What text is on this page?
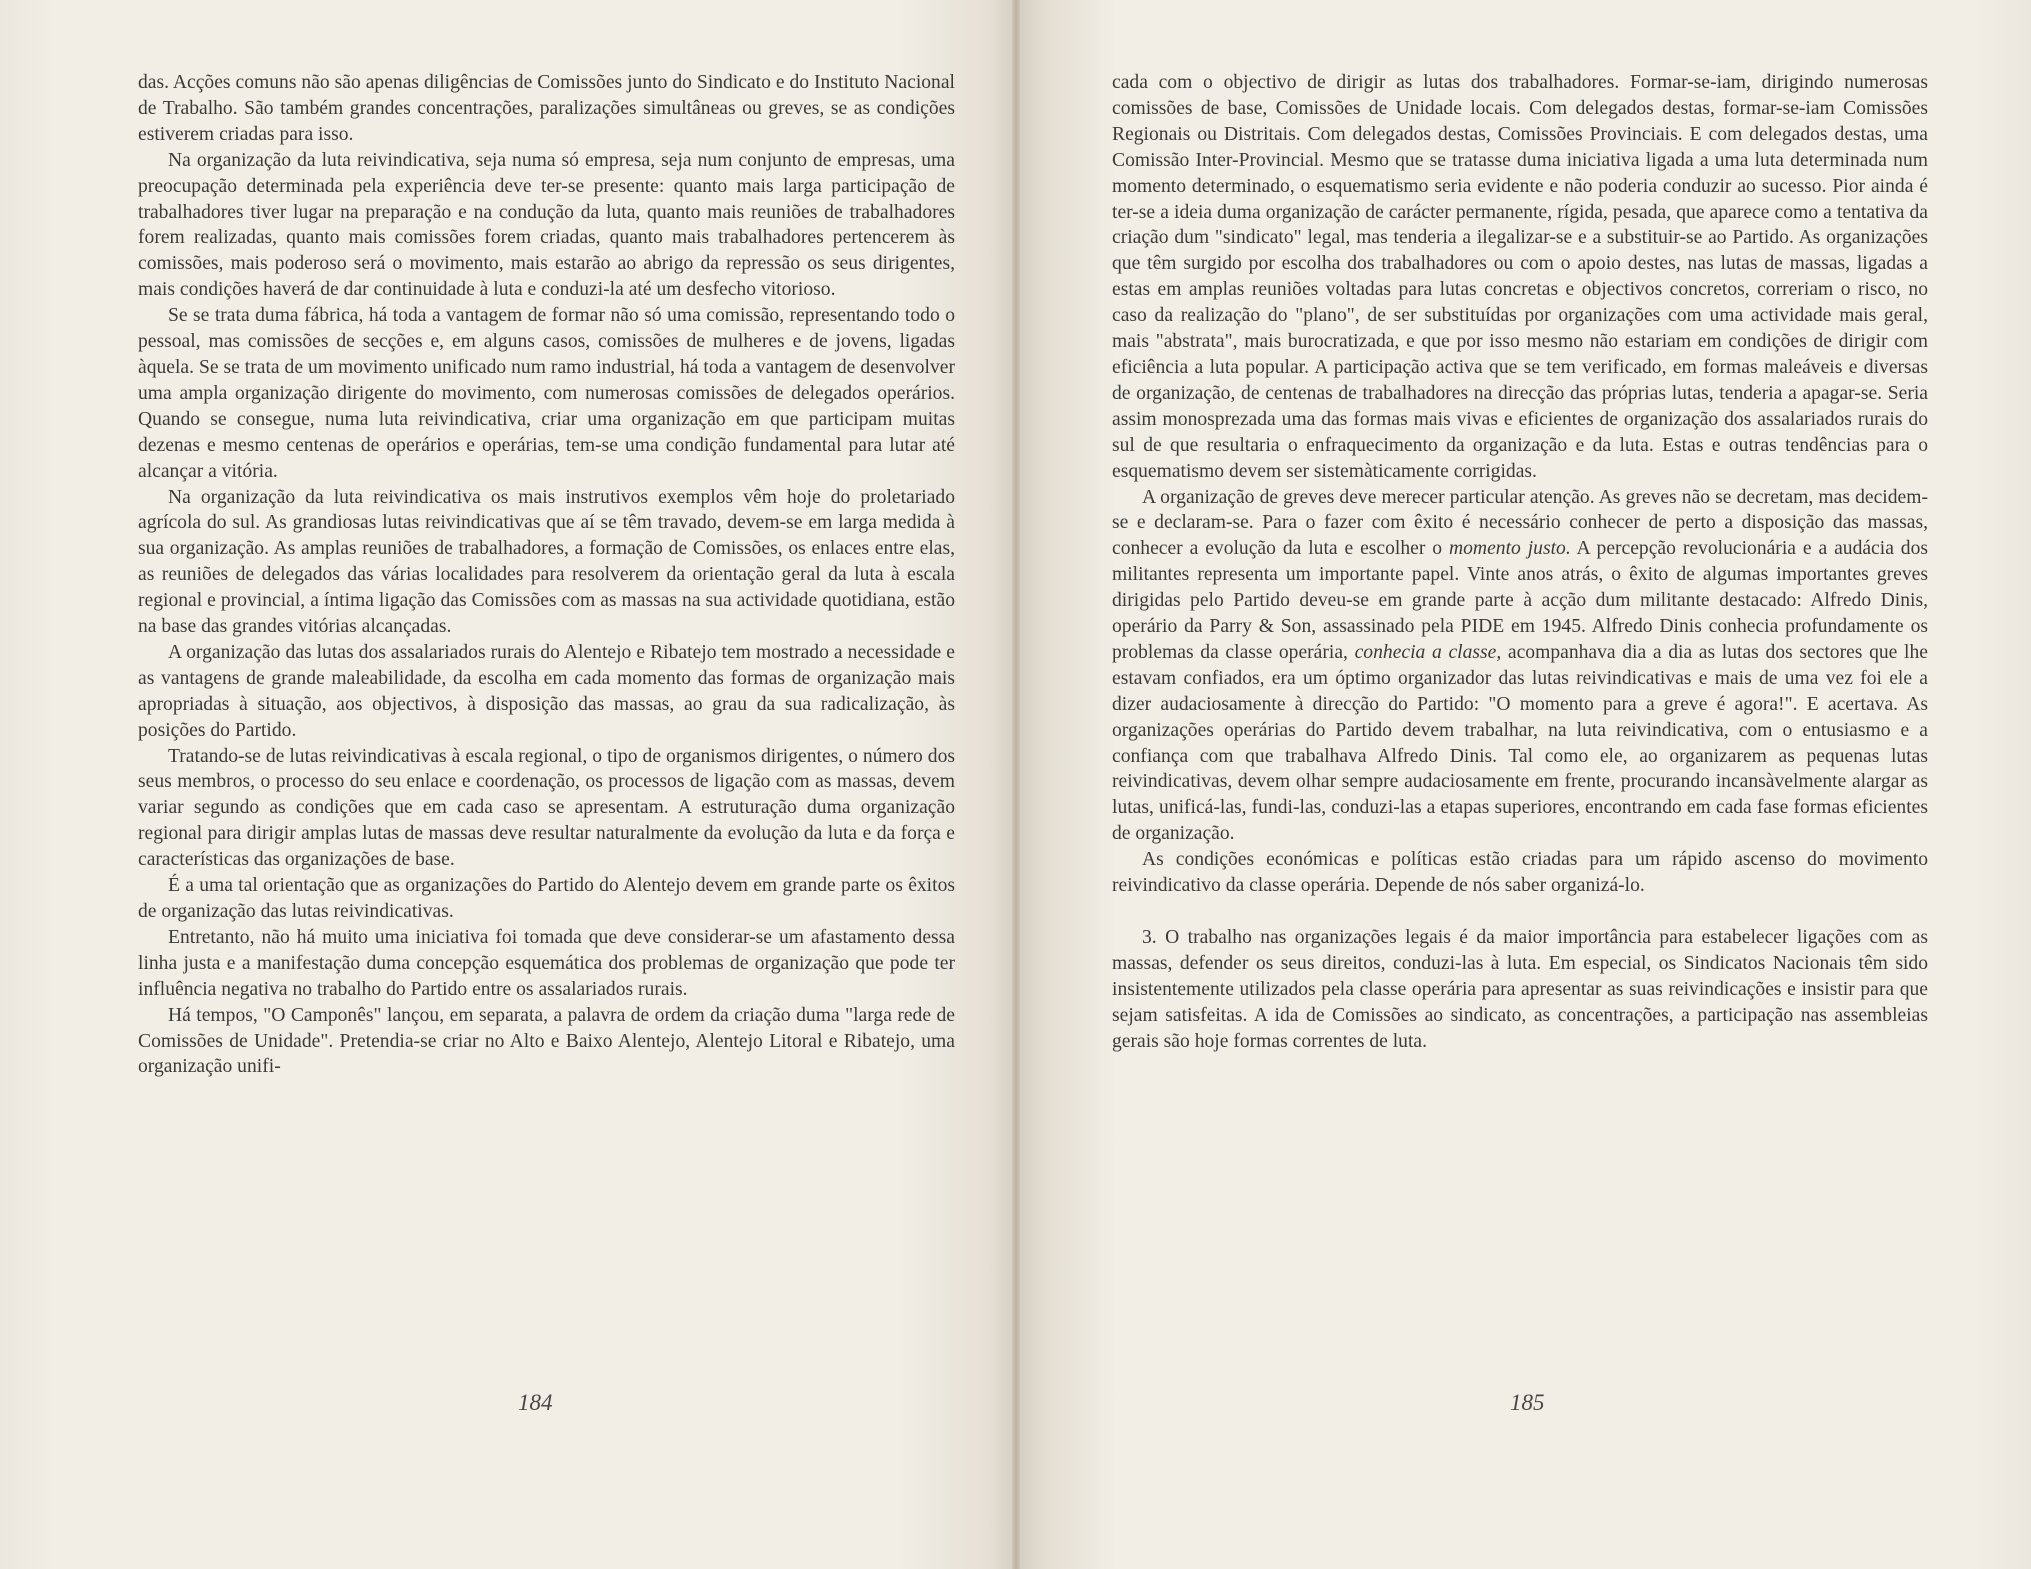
das. Acções comuns não são apenas diligências de Comissões junto do Sindicato e do Instituto Nacional de Trabalho. São também grandes concentrações, paralizações simultâneas ou greves, se as condições estiverem criadas para isso.

Na organização da luta reivindicativa, seja numa só empresa, seja num conjunto de empresas, uma preocupação determinada pela experiência deve ter-se presente: quanto mais larga participação de trabalhadores tiver lugar na preparação e na condução da luta, quanto mais reuniões de trabalhadores forem realizadas, quanto mais comissões forem criadas, quanto mais trabalhadores pertencerem às comissões, mais poderoso será o movimento, mais estarão ao abrigo da repressão os seus dirigentes, mais condições haverá de dar continuidade à luta e conduzi-la até um desfecho vitorioso.

Se se trata duma fábrica, há toda a vantagem de formar não só uma comissão, representando todo o pessoal, mas comissões de secções e, em alguns casos, comissões de mulheres e de jovens, ligadas àquela. Se se trata de um movimento unificado num ramo industrial, há toda a vantagem de desenvolver uma ampla organização dirigente do movimento, com numerosas comissões de delegados operários. Quando se consegue, numa luta reivindicativa, criar uma organização em que participam muitas dezenas e mesmo centenas de operários e operárias, tem-se uma condição fundamental para lutar até alcançar a vitória.

Na organização da luta reivindicativa os mais instrutivos exemplos vêm hoje do proletariado agrícola do sul. As grandiosas lutas reivindicativas que aí se têm travado, devem-se em larga medida à sua organização. As amplas reuniões de trabalhadores, a formação de Comissões, os enlaces entre elas, as reuniões de delegados das várias localidades para resolverem da orientação geral da luta à escala regional e provincial, a íntima ligação das Comissões com as massas na sua actividade quotidiana, estão na base das grandes vitórias alcançadas.

A organização das lutas dos assalariados rurais do Alentejo e Ribatejo tem mostrado a necessidade e as vantagens de grande maleabilidade, da escolha em cada momento das formas de organização mais apropriadas à situação, aos objectivos, à disposição das massas, ao grau da sua radicalização, às posições do Partido.

Tratando-se de lutas reivindicativas à escala regional, o tipo de organismos dirigentes, o número dos seus membros, o processo do seu enlace e coordenação, os processos de ligação com as massas, devem variar segundo as condições que em cada caso se apresentam. A estruturação duma organização regional para dirigir amplas lutas de massas deve resultar naturalmente da evolução da luta e da força e características das organizações de base.

É a uma tal orientação que as organizações do Partido do Alentejo devem em grande parte os êxitos de organização das lutas reivindicativas.

Entretanto, não há muito uma iniciativa foi tomada que deve considerar-se um afastamento dessa linha justa e a manifestação duma concepção esquemática dos problemas de organização que pode ter influência negativa no trabalho do Partido entre os assalariados rurais.

Há tempos, "O Camponês" lançou, em separata, a palavra de ordem da criação duma "larga rede de Comissões de Unidade". Pretendia-se criar no Alto e Baixo Alentejo, Alentejo Litoral e Ribatejo, uma organização unifi-

184

cada com o objectivo de dirigir as lutas dos trabalhadores. Formar-se-iam, dirigindo numerosas comissões de base, Comissões de Unidade locais. Com delegados destas, formar-se-iam Comissões Regionais ou Distritais. Com delegados destas, Comissões Provinciais. E com delegados destas, uma Comissão Inter-Provincial. Mesmo que se tratasse duma iniciativa ligada a uma luta determinada num momento determinado, o esquematismo seria evidente e não poderia conduzir ao sucesso. Pior ainda é ter-se a ideia duma organização de carácter permanente, rígida, pesada, que aparece como a tentativa da criação dum "sindicato" legal, mas tenderia a ilegalizar-se e a substituir-se ao Partido. As organizações que têm surgido por escolha dos trabalhadores ou com o apoio destes, nas lutas de massas, ligadas a estas em amplas reuniões voltadas para lutas concretas e objectivos concretos, correriam o risco, no caso da realização do "plano", de ser substituídas por organizações com uma actividade mais geral, mais "abstrata", mais burocratizada, e que por isso mesmo não estariam em condições de dirigir com eficiência a luta popular. A participação activa que se tem verificado, em formas maleáveis e diversas de organização, de centenas de trabalhadores na direcção das próprias lutas, tenderia a apagar-se. Seria assim monosprezada uma das formas mais vivas e eficientes de organização dos assalariados rurais do sul de que resultaria o enfraquecimento da organização e da luta. Estas e outras tendências para o esquematismo devem ser sistemàticamente corrigidas.

A organização de greves deve merecer particular atenção. As greves não se decretam, mas decidem-se e declaram-se. Para o fazer com êxito é necessário conhecer de perto a disposição das massas, conhecer a evolução da luta e escolher o momento justo. A percepção revolucionária e a audácia dos militantes representa um importante papel. Vinte anos atrás, o êxito de algumas importantes greves dirigidas pelo Partido deveu-se em grande parte à acção dum militante destacado: Alfredo Dinis, operário da Parry & Son, assassinado pela PIDE em 1945. Alfredo Dinis conhecia profundamente os problemas da classe operária, conhecia a classe, acompanhava dia a dia as lutas dos sectores que lhe estavam confiados, era um óptimo organizador das lutas reivindicativas e mais de uma vez foi ele a dizer audaciosamente à direcção do Partido: "O momento para a greve é agora!". E acertava. As organizações operárias do Partido devem trabalhar, na luta reivindicativa, com o entusiasmo e a confiança com que trabalhava Alfredo Dinis. Tal como ele, ao organizarem as pequenas lutas reivindicativas, devem olhar sempre audaciosamente em frente, procurando incansàvelmente alargar as lutas, unificá-las, fundi-las, conduzi-las a etapas superiores, encontrando em cada fase formas eficientes de organização.

As condições económicas e políticas estão criadas para um rápido ascenso do movimento reivindicativo da classe operária. Depende de nós saber organizá-lo.

3. O trabalho nas organizações legais é da maior importância para estabelecer ligações com as massas, defender os seus direitos, conduzi-las à luta. Em especial, os Sindicatos Nacionais têm sido insistentemente utilizados pela classe operária para apresentar as suas reivindicações e insistir para que sejam satisfeitas. A ida de Comissões ao sindicato, as concentrações, a participação nas assembleias gerais são hoje formas correntes de luta.

185
